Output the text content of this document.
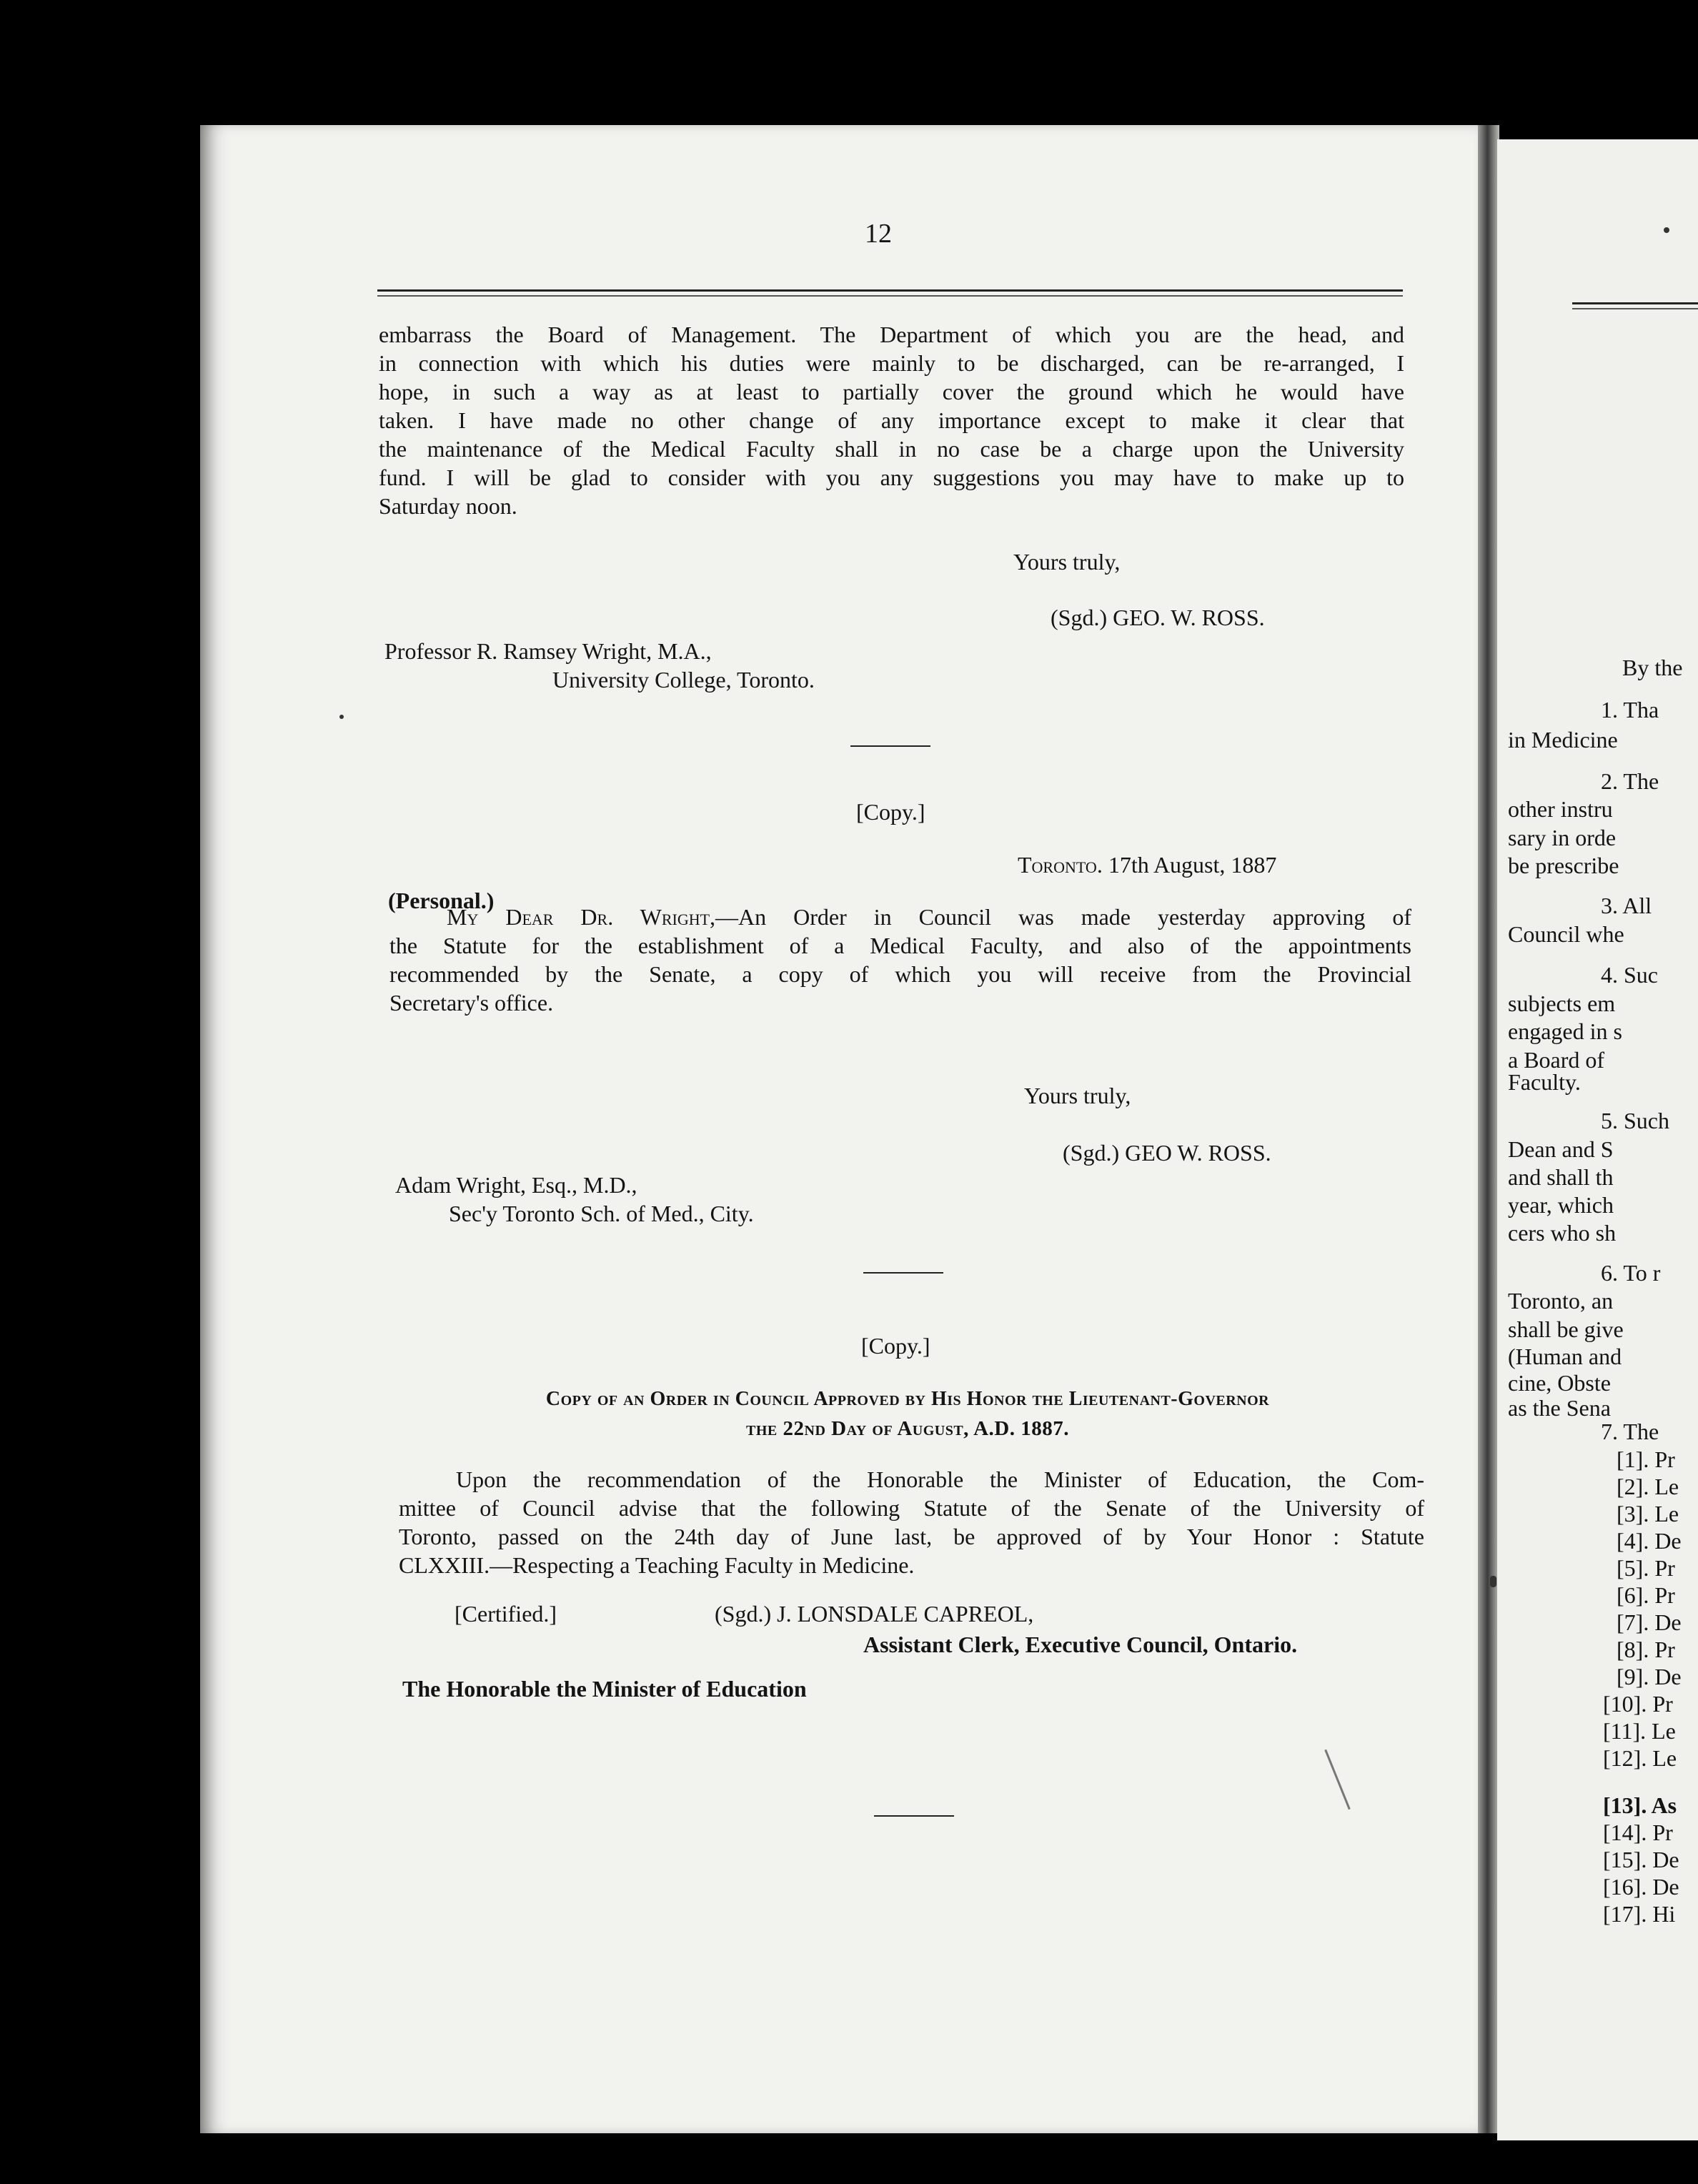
12
embarrass the Board of Management. The Department of which you are the head, and
in connection with which his duties were mainly to be discharged, can be re-arranged, I
hope, in such a way as at least to partially cover the ground which he would have
taken. I have made no other change of any importance except to make it clear that
the maintenance of the Medical Faculty shall in no case be a charge upon the University
fund. I will be glad to consider with you any suggestions you may have to make up to
Saturday noon.
Yours truly,
(Sgd.) GEO. W. ROSS.
Professor R. Ramsey Wright, M.A.,
University College, Toronto.
[Copy.]
Toronto. 17th August, 1887
(Personal.)
My Dear Dr. Wright,—An Order in Council was made yesterday approving of
the Statute for the establishment of a Medical Faculty, and also of the appointments
recommended by the Senate, a copy of which you will receive from the Provincial
Secretary's office.
Yours truly,
(Sgd.) GEO W. ROSS.
Adam Wright, Esq., M.D.,
Sec'y Toronto Sch. of Med., City.
[Copy.]
Copy of an Order in Council Approved by His Honor the Lieutenant-Governor
the 22nd Day of August, A.D. 1887.
Upon the recommendation of the Honorable the Minister of Education, the Com-
mittee of Council advise that the following Statute of the Senate of the University of
Toronto, passed on the 24th day of June last, be approved of by Your Honor : Statute
CLXXIII.—Respecting a Teaching Faculty in Medicine.
[Certified.]	(Sgd.) J. LONSDALE CAPREOL,
Assistant Clerk, Executive Council, Ontario.
The Honorable the Minister of Education
By the
1. Tha
in Medicine
2. The
other instru
sary in orde
be prescribe
3. All
Council whe
4. Suc
subjects em
engaged in s
a Board of
Faculty.
5. Such
Dean and S
and shall th
year, which
cers who sh
6. To r
Toronto, an
shall be give
(Human and
cine, Obste
as the Sena
7. The
[1]. Pr
[2]. Le
[3]. Le
[4]. De
[5]. Pr
[6]. Pr
[7]. De
[8]. Pr
[9]. De
[10]. Pr
[11]. Le
[12]. Le
[13]. As
[14]. Pr
[15]. De
[16]. De
[17]. Hi
